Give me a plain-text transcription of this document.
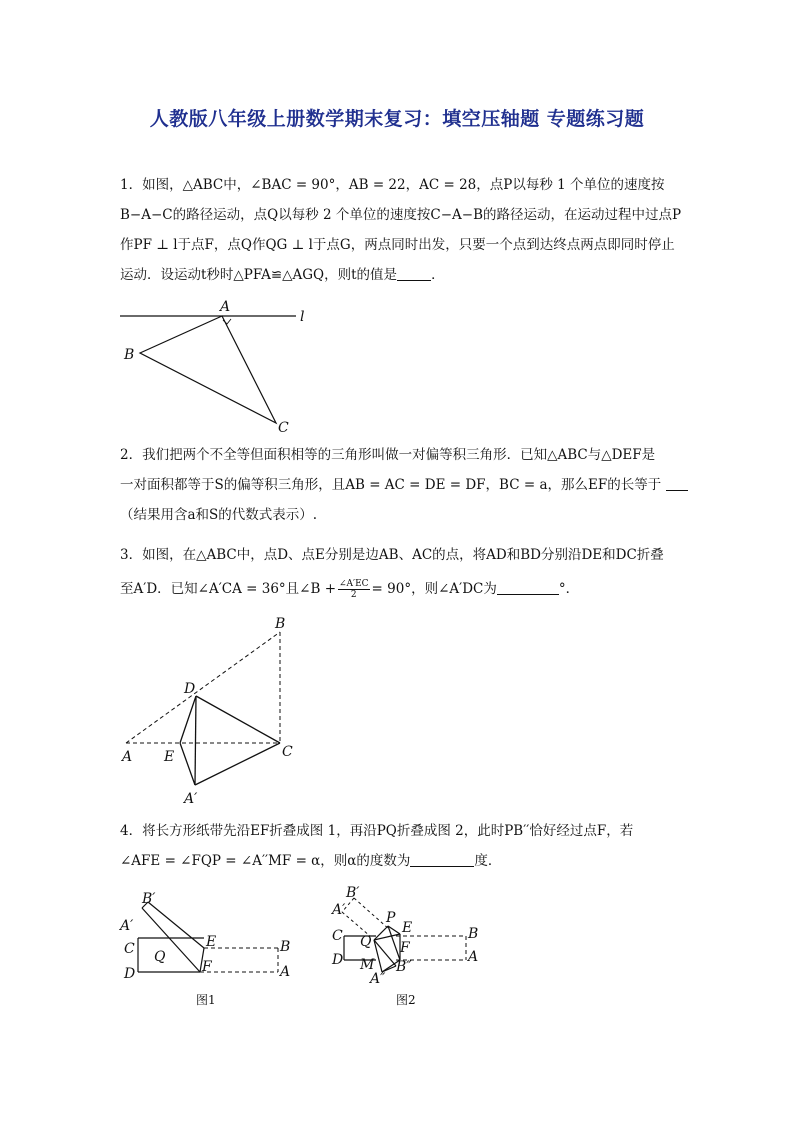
人教版八年级上册数学期末复习：填空压轴题 专题练习题

1．如图，△ABC中，∠BAC = 90°，AB = 22，AC = 28，点P以每秒 1 个单位的速度按

B−A−C的路径运动，点Q以每秒 2 个单位的速度按C−A−B的路径运动，在运动过程中过点P

作PF ⊥ l于点F，点Q作QG ⊥ l于点G，两点同时出发，只要一个点到达终点两点即同时停止

运动．设运动t秒时△PFA≌△AGQ，则t的值是	．

A
B
C
l

2．我们把两个不全等但面积相等的三角形叫做一对偏等积三角形．已知△ABC与△DEF是

一对面积都等于S的偏等积三角形，且AB = AC = DE = DF，BC = a，那么EF的长等于

（结果用含a和S的代数式表示）.

3．如图，在△ABC中，点D、点E分别是边AB、AC的点，将AD和BD分别沿DE和DC折叠

至A′D．已知∠A′CA = 36°且∠B + $\frac{\angle A'EC}{2} = 90^\circ$，则∠A′DC为	°．

B
D
A E	C
A′

4．将长方形纸带先沿EF折叠成图 1，再沿PQ折叠成图 2，此时PB′′恰好经过点F，若

∠AFE = ∠FQP = ∠A′′MF = α，则α的度数为	度．

B′
A′
C Q
E
D	F
B
A
图1
B′
A′	P
C Q
E
F
D M B″
A″
B
A
图2
